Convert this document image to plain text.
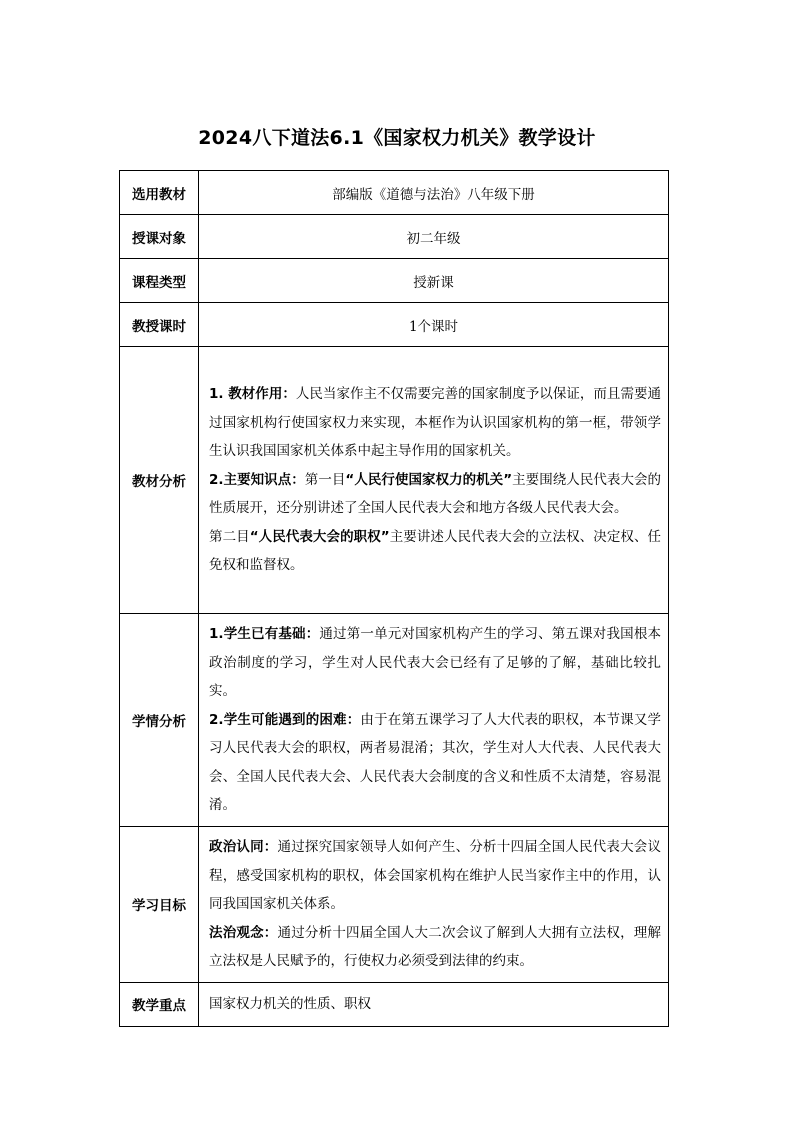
2024八下道法6.1《国家权力机关》教学设计
选用教材	部编版《道德与法治》八年级下册
授课对象	初二年级
课程类型	授新课
教授课时	1个课时
教材分析	1. 教材作用：人民当家作主不仅需要完善的国家制度予以保证，而且需要通过国家机构行使国家权力来实现，本框作为认识国家机构的第一框，带领学生认识我国国家机关体系中起主导作用的国家机关。
2.主要知识点：第一目“人民行使国家权力的机关”主要围绕人民代表大会的性质展开，还分别讲述了全国人民代表大会和地方各级人民代表大会。
第二目“人民代表大会的职权”主要讲述人民代表大会的立法权、决定权、任免权和监督权。

学情分析	1.学生已有基础：通过第一单元对国家机构产生的学习、第五课对我国根本政治制度的学习，学生对人民代表大会已经有了足够的了解，基础比较扎实。
2.学生可能遇到的困难：由于在第五课学习了人大代表的职权，本节课又学习人民代表大会的职权，两者易混淆；其次，学生对人大代表、人民代表大会、全国人民代表大会、人民代表大会制度的含义和性质不太清楚，容易混淆。

学习目标	政治认同：通过探究国家领导人如何产生、分析十四届全国人民代表大会议程，感受国家机构的职权，体会国家机构在维护人民当家作主中的作用，认同我国国家机关体系。
法治观念：通过分析十四届全国人大二次会议了解到人大拥有立法权，理解立法权是人民赋予的，行使权力必须受到法律的约束。

教学重点	国家权力机关的性质、职权
